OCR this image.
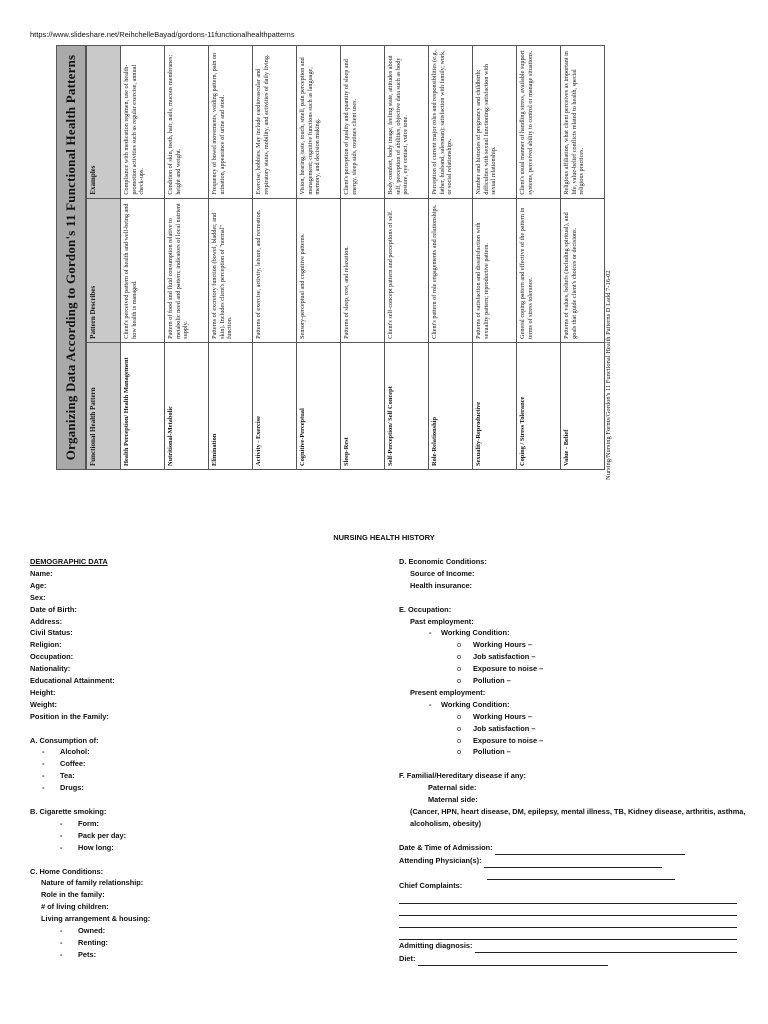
https://www.slideshare.net/ReihchelleBayad/gordons-11functionalhealthpatterns
Organizing Data According to Gordon's 11 Functional Health Patterns	Functional Health Pattern	Pattern Describes	Examples
Health Perception/ Health Management	Client's perceived pattern of health and well-being and how health is managed.	Compliance with medication regimen, use of health-promotion activities such as regular exercise, annual check-ups.
Nutritional-Metabolic	Pattern of food and fluid consumption relative to metabolic need and pattern; indicators of local nutrient supply.	Condition of skin, teeth, hair, nails, mucous membranes; height and weight.
Elimination	Patterns of excretory function (bowel, bladder, and skin). Includes client's perception of "normal" function.	Frequency of bowel movements, voiding pattern, pain on urination, appearance of urine and stool.
Activity - Exercise	Patterns of exercise, activity, leisure, and recreation.	Exercise, hobbies. May include cardiovascular and respiratory status, mobility, and activities of daily living.
Cognitive-Perceptual	Sensory-perceptual and cognitive patterns.	Vision, hearing, taste, touch, smell, pain perception and management; cognitive functions such as language, memory, and decision making.
Sleep-Rest	Patterns of sleep, rest, and relaxation.	Client's perception of quality and quantity of sleep and energy, sleep aids, routines client uses.
Self-Perception/ Self Concept	Client's self-concept pattern and perceptions of self.	Body comfort, body image, feeling state, attitudes about self, perception of abilities, objective data such as body posture, eye contact, voice tone.
Role-Relationship	Client's pattern of role engagements and relationships.	Perception of current major roles and responsibilities (e.g., father, husband, salesman); satisfaction with family, work, or social relationships.
Sexuality-Reproductive	Patterns of satisfaction and dissatisfaction with sexuality pattern; reproductive pattern.	Number and histories of pregnancy and childbirth; difficulties with sexual functioning; satisfaction with sexual relationship.
Coping / Stress Tolerance	General coping pattern and effective of the pattern in terms of stress tolerance.	Client's usual manner of handling stress, available support systems, perceived ability to control or manage situations.
Value - Belief	Patterns of values, beliefs (including spiritual), and goals that guide client's choices or decisions.	Religious affiliation, what client perceives as important in life, value-belief conflicts related to health, special religious practices.
Nursing/Nursing Forms/Gordon's 11 Functional Health Patterns D Ladd 7-16-02
NURSING HEALTH HISTORY
DEMOGRAPHIC DATA
Name:
Age:
Sex:
Date of Birth:
Address:
Civil Status:
Religion:
Occupation:
Nationality:
Educational Attainment:
Height:
Weight:
Position in the Family:
A. Consumption of:
- Alcohol:
- Coffee:
- Tea:
- Drugs:
B. Cigarette smoking:
- Form:
- Pack per day:
- How long:
C. Home Conditions:
Nature of family relationship:
Role in the family:
# of living children:
Living arrangement & housing:
- Owned:
- Renting:
- Pets:
D. Economic Conditions:
Source of Income:
Health insurance:
E. Occupation:
Past employment:
- Working Condition:
o Working Hours –
o Job satisfaction –
o Exposure to noise –
o Pollution –
Present employment:
- Working Condition:
o Working Hours –
o Job satisfaction –
o Exposure to noise –
o Pollution –
F. Familial/Hereditary disease if any:
Paternal side:
Maternal side:
(Cancer, HPN, heart disease, DM, epilepsy, mental illness, TB, Kidney disease, arthritis, asthma, alcoholism, obesity)
Date & Time of Admission:
Attending Physician(s):

Chief Complaints:
Admitting diagnosis:
Diet:
